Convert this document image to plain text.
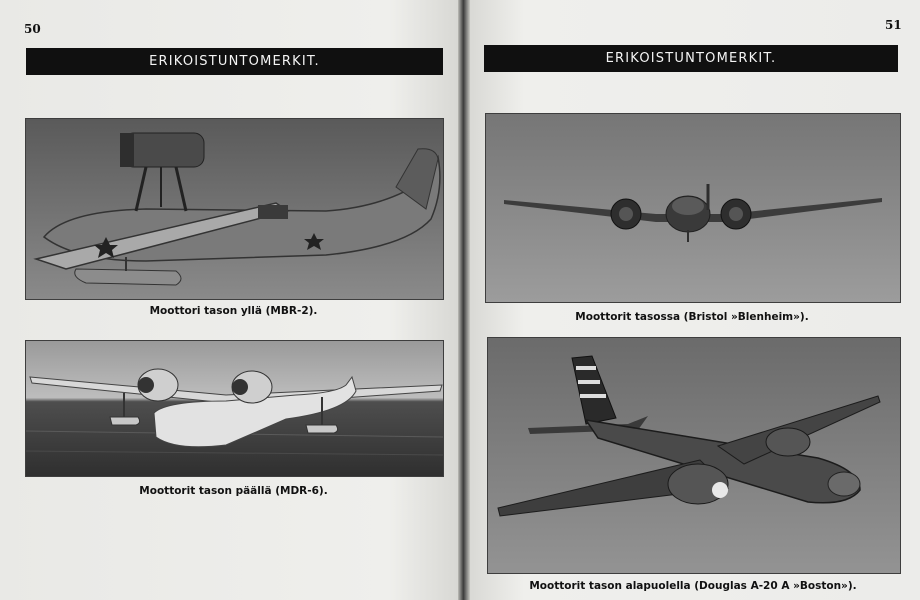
50
ERIKOISTUNTOMERKIT.
Moottori tason yllä (MBR-2).
Moottorit tason päällä (MDR-6).
51
ERIKOISTUNTOMERKIT.
Moottorit tasossa (Bristol »Blenheim»).
Moottorit tason alapuolella (Douglas A-20 A »Boston»).
